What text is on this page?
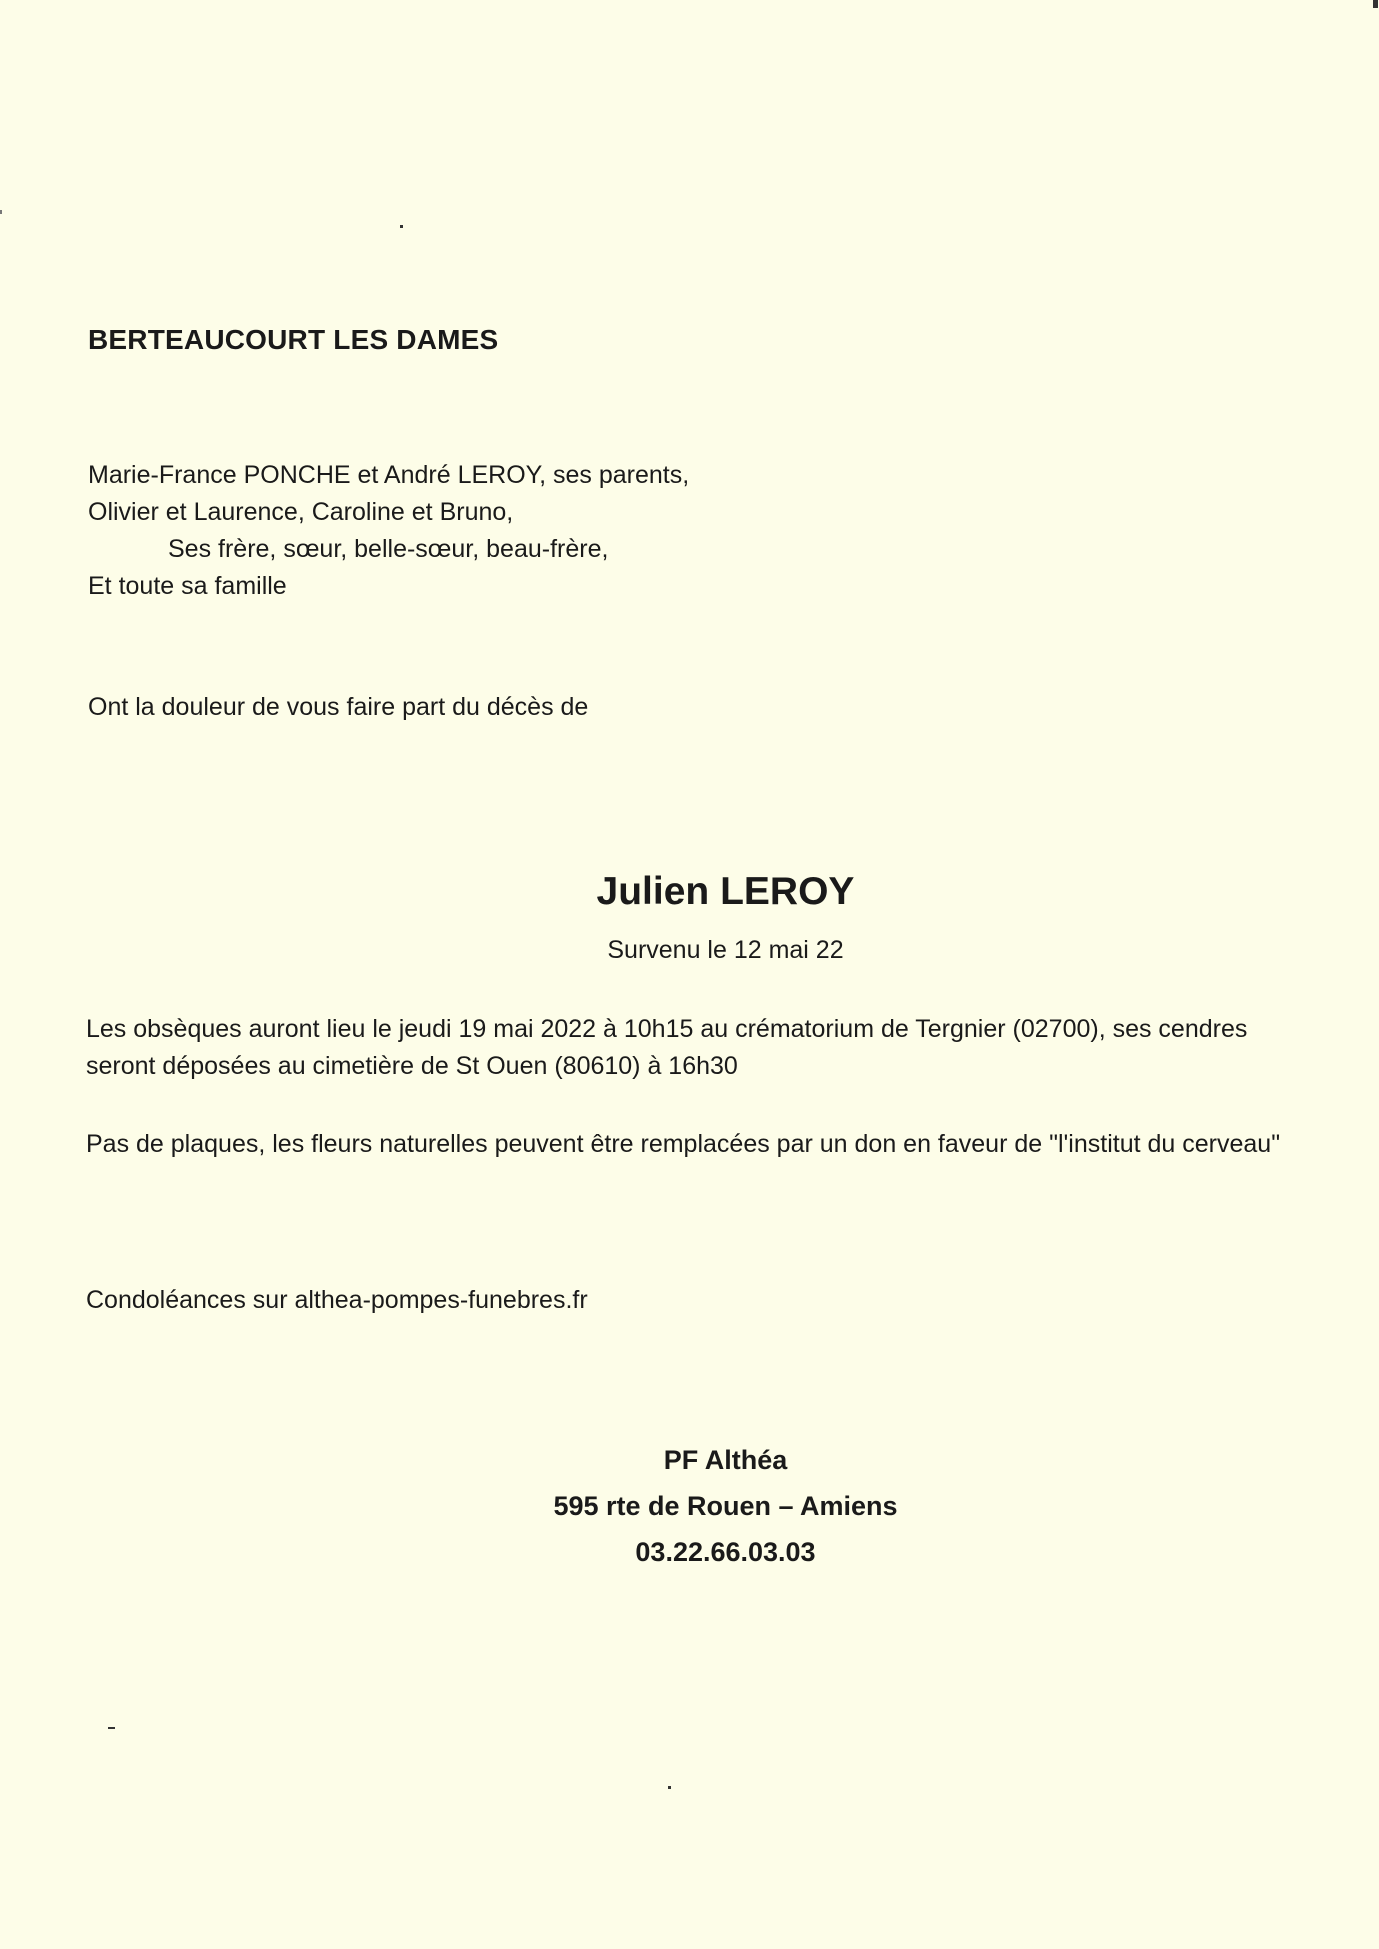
BERTEAUCOURT LES DAMES
Marie-France PONCHE et André LEROY, ses parents,
Olivier et Laurence, Caroline et Bruno,
Ses frère, sœur, belle-sœur, beau-frère,
Et toute sa famille
Ont la douleur de vous faire part du décès de
Julien LEROY
Survenu le 12 mai 22
Les obsèques auront lieu le jeudi 19 mai 2022 à 10h15 au crématorium de Tergnier (02700), ses cendres seront déposées au cimetière de St Ouen (80610) à 16h30
Pas de plaques, les fleurs naturelles peuvent être remplacées par un don en faveur de "l'institut du cerveau"
Condoléances sur althea-pompes-funebres.fr
PF Althéa
595 rte de Rouen – Amiens
03.22.66.03.03
